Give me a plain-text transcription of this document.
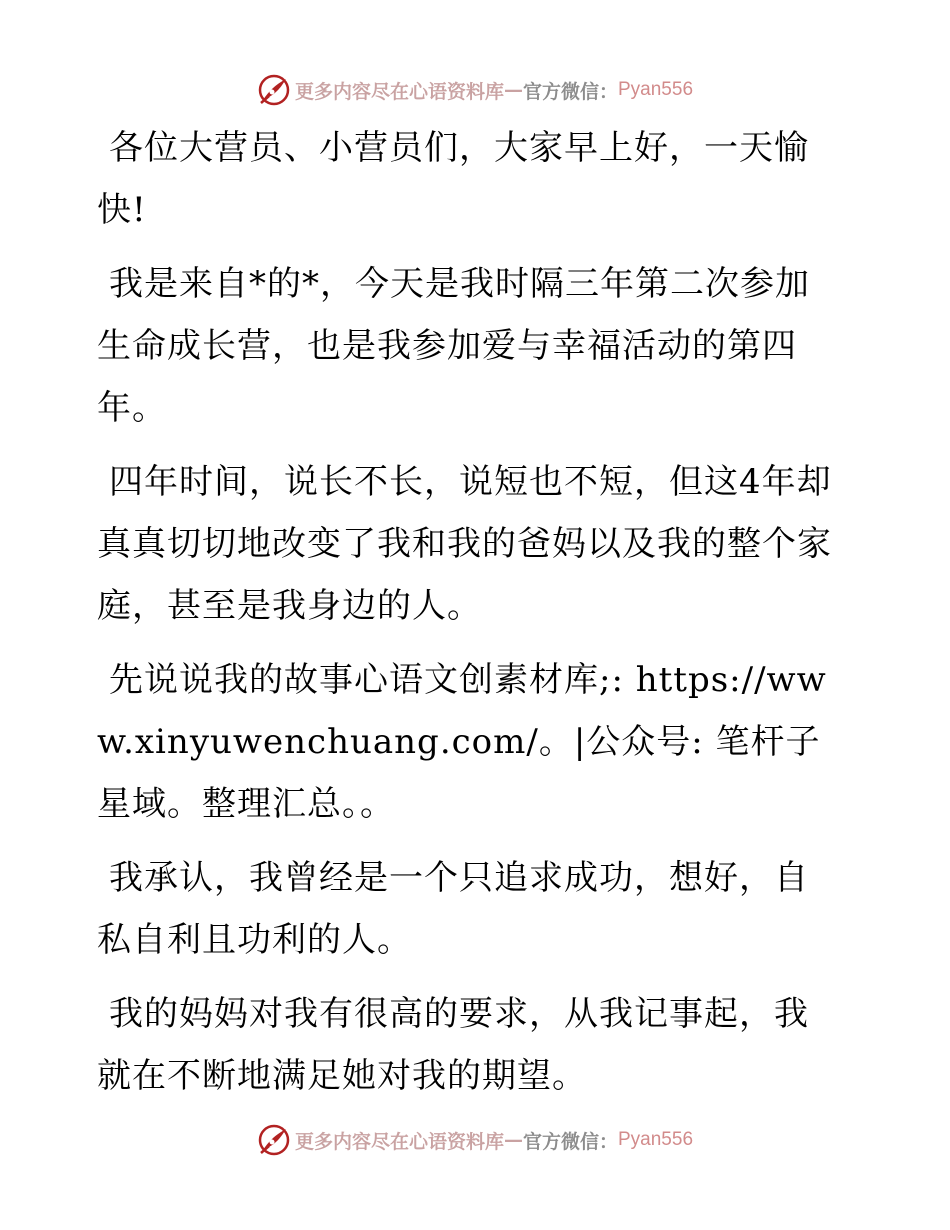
更多内容尽在心语资料库 — 官方微信： Pyan556

各位大营员、小营员们，大家早上好，一天愉快!

我是来自*的*，今天是我时隔三年第二次参加生命成长营，也是我参加爱与幸福活动的第四年。

四年时间，说长不长，说短也不短，但这4年却真真切切地改变了我和我的爸妈以及我的整个家庭，甚至是我身边的人。

先说说我的故事心语文创素材库;: https://www.xinyuwenchuang.com/。|公众号: 笔杆子星域。整理汇总。。

我承认，我曾经是一个只追求成功，想好，自私自利且功利的人。

我的妈妈对我有很高的要求，从我记事起，我就在不断地满足她对我的期望。

更多内容尽在心语资料库 — 官方微信： Pyan556
